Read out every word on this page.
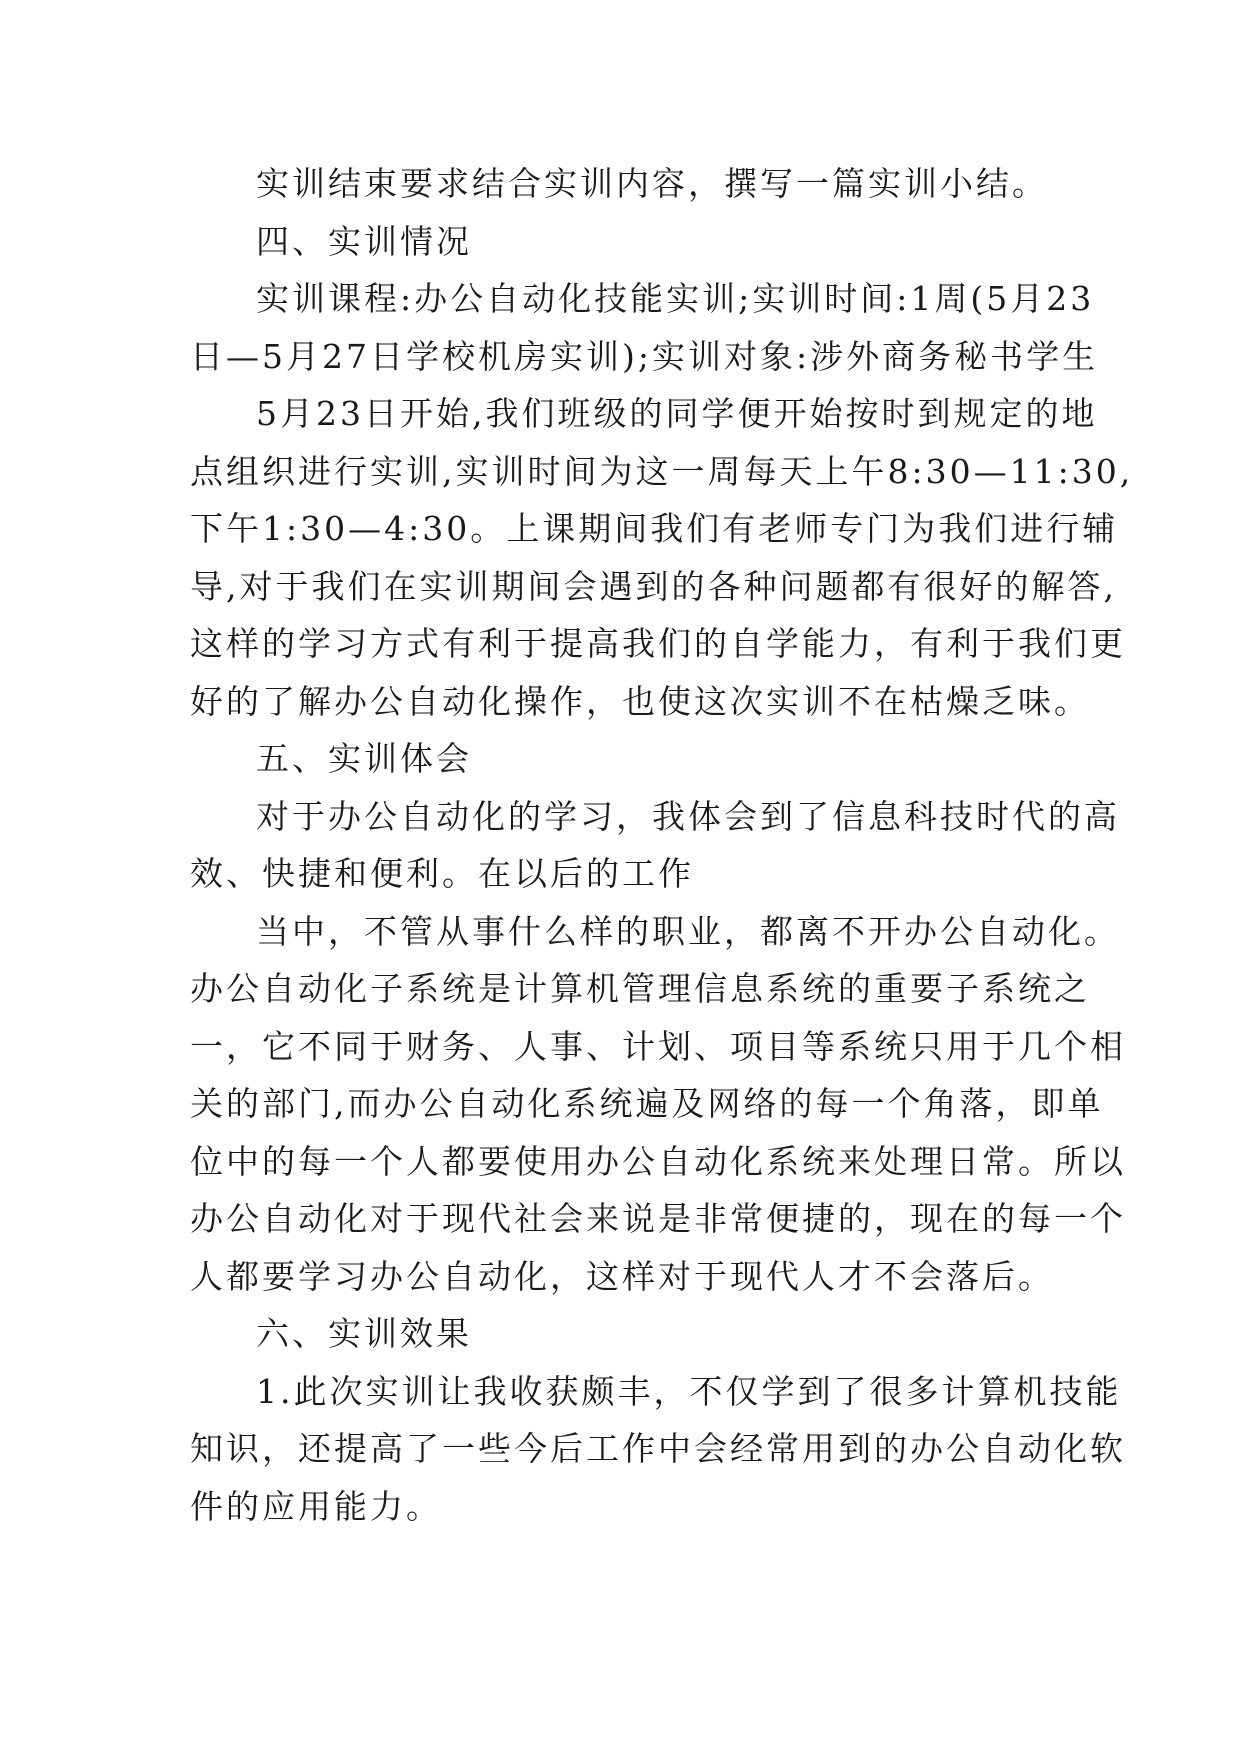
实训结束要求结合实训内容，撰写一篇实训小结。
四、实训情况
实训课程:办公自动化技能实训;实训时间:1周(5月23
日—5月27日学校机房实训);实训对象:涉外商务秘书学生
5月23日开始,我们班级的同学便开始按时到规定的地
点组织进行实训,实训时间为这一周每天上午8:30—11:30,
下午1:30—4:30。上课期间我们有老师专门为我们进行辅
导,对于我们在实训期间会遇到的各种问题都有很好的解答,
这样的学习方式有利于提高我们的自学能力，有利于我们更
好的了解办公自动化操作，也使这次实训不在枯燥乏味。
五、实训体会
对于办公自动化的学习，我体会到了信息科技时代的高
效、快捷和便利。在以后的工作
当中，不管从事什么样的职业，都离不开办公自动化。
办公自动化子系统是计算机管理信息系统的重要子系统之
一，它不同于财务、人事、计划、项目等系统只用于几个相
关的部门,而办公自动化系统遍及网络的每一个角落，即单
位中的每一个人都要使用办公自动化系统来处理日常。所以
办公自动化对于现代社会来说是非常便捷的，现在的每一个
人都要学习办公自动化，这样对于现代人才不会落后。
六、实训效果
1.此次实训让我收获颇丰，不仅学到了很多计算机技能
知识，还提高了一些今后工作中会经常用到的办公自动化软
件的应用能力。
